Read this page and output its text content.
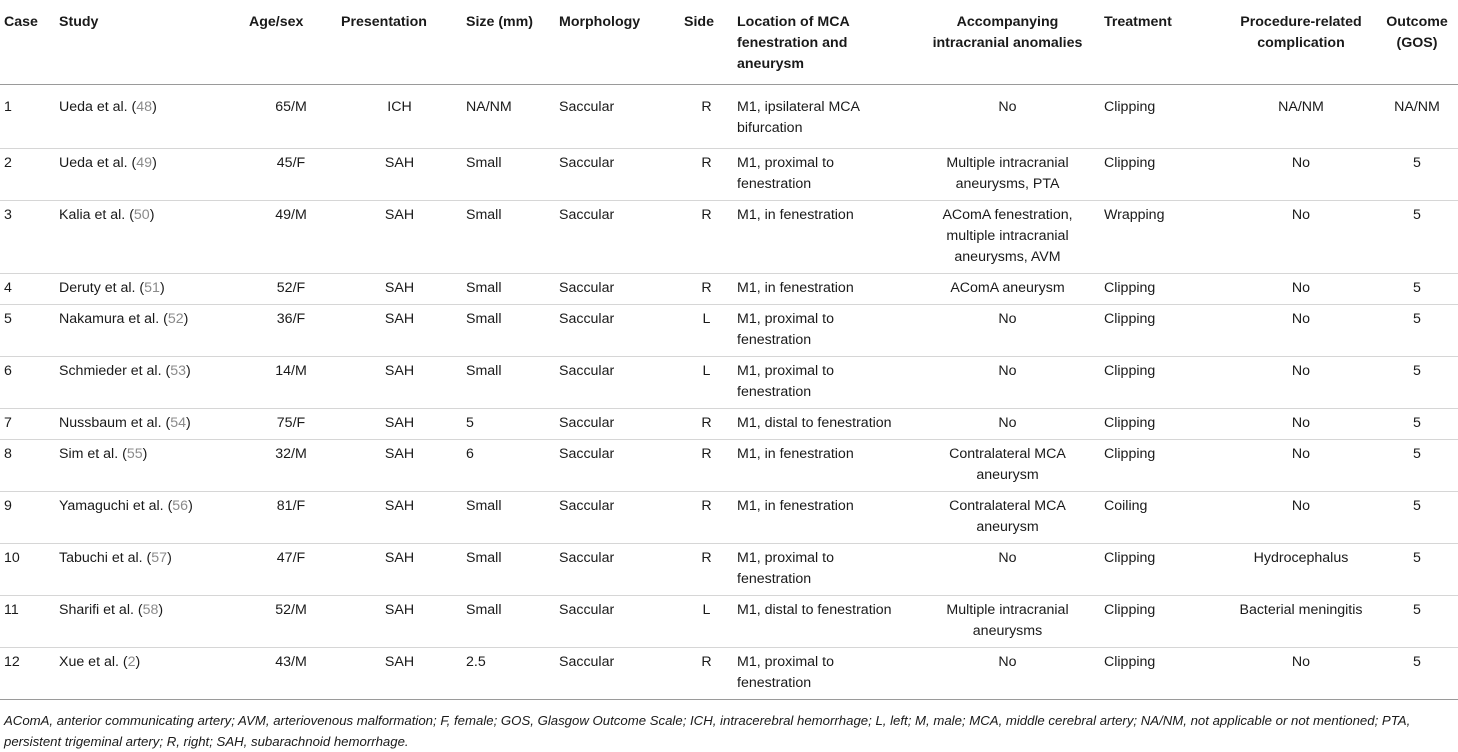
Case	Study	Age/sex	Presentation	Size (mm)	Morphology	Side	Location of MCA fenestration and aneurysm	Accompanying intracranial anomalies	Treatment	Procedure-related complication	Outcome (GOS)
1	Ueda et al. (48)	65/M	ICH	NA/NM	Saccular	R	M1, ipsilateral MCA bifurcation	No	Clipping	NA/NM	NA/NM
2	Ueda et al. (49)	45/F	SAH	Small	Saccular	R	M1, proximal to fenestration	Multiple intracranial aneurysms, PTA	Clipping	No	5
3	Kalia et al. (50)	49/M	SAH	Small	Saccular	R	M1, in fenestration	AComA fenestration, multiple intracranial aneurysms, AVM	Wrapping	No	5
4	Deruty et al. (51)	52/F	SAH	Small	Saccular	R	M1, in fenestration	AComA aneurysm	Clipping	No	5
5	Nakamura et al. (52)	36/F	SAH	Small	Saccular	L	M1, proximal to fenestration	No	Clipping	No	5
6	Schmieder et al. (53)	14/M	SAH	Small	Saccular	L	M1, proximal to fenestration	No	Clipping	No	5
7	Nussbaum et al. (54)	75/F	SAH	5	Saccular	R	M1, distal to fenestration	No	Clipping	No	5
8	Sim et al. (55)	32/M	SAH	6	Saccular	R	M1, in fenestration	Contralateral MCA aneurysm	Clipping	No	5
9	Yamaguchi et al. (56)	81/F	SAH	Small	Saccular	R	M1, in fenestration	Contralateral MCA aneurysm	Coiling	No	5
10	Tabuchi et al. (57)	47/F	SAH	Small	Saccular	R	M1, proximal to fenestration	No	Clipping	Hydrocephalus	5
11	Sharifi et al. (58)	52/M	SAH	Small	Saccular	L	M1, distal to fenestration	Multiple intracranial aneurysms	Clipping	Bacterial meningitis	5
12	Xue et al. (2)	43/M	SAH	2.5	Saccular	R	M1, proximal to fenestration	No	Clipping	No	5
AComA, anterior communicating artery; AVM, arteriovenous malformation; F, female; GOS, Glasgow Outcome Scale; ICH, intracerebral hemorrhage; L, left; M, male; MCA, middle cerebral artery; NA/NM, not applicable or not mentioned; PTA, persistent trigeminal artery; R, right; SAH, subarachnoid hemorrhage.
